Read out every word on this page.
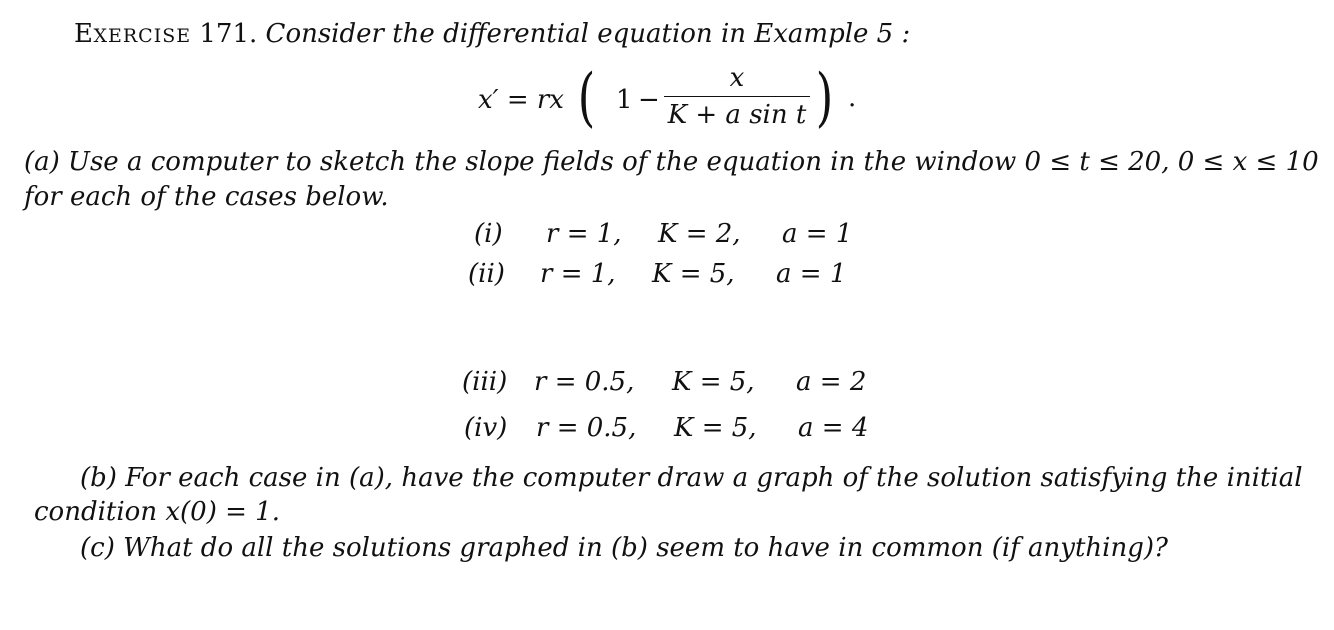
EXERCISE 171. Consider the differential equation in Example 5 :
x′ = rx ( 1 −
x
K + a sin t ) .
(a) Use a computer to sketch the slope fields of the equation in the window 0 ≤ t ≤ 20, 0 ≤ x ≤ 10
for each of the cases below.
(i) r = 1, K = 2, a = 1
(ii) r = 1, K = 5, a = 1
(iii) r = 0.5, K = 5, a = 2
(iv) r = 0.5, K = 5, a = 4
(b) For each case in (a), have the computer draw a graph of the solution satisfying the initial
condition x(0) = 1.
(c) What do all the solutions graphed in (b) seem to have in common (if anything)?
